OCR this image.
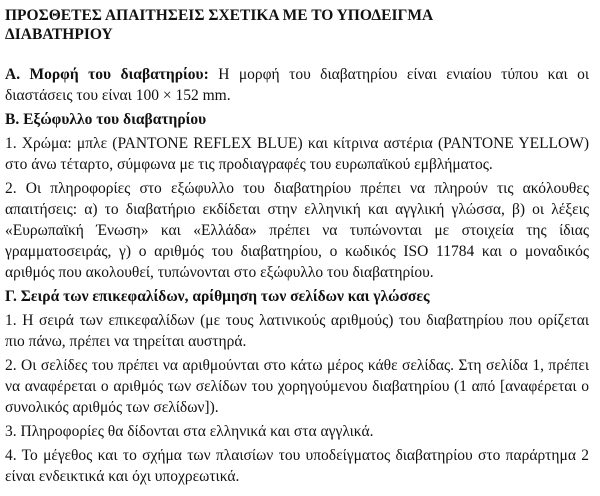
ΠΡΟΣΘΕΤΕΣ ΑΠΑΙΤΗΣΕΙΣ ΣΧΕΤΙΚΑ ΜΕ ΤΟ ΥΠΟΔΕΙΓΜΑ
ΔΙΑΒΑΤΗΡΙΟΥ

Α. Μορφή του διαβατηρίου: Η μορφή του διαβατηρίου είναι ενιαίου τύπου και οι διαστάσεις του είναι 100 × 152 mm.

Β. Εξώφυλλο του διαβατηρίου

1. Χρώμα: μπλε (PANTONE REFLEX BLUE) και κίτρινα αστέρια (PANTONE YELLOW) στο άνω τέταρτο, σύμφωνα με τις προδιαγραφές του ευρωπαϊκού εμβλήματος.

2. Οι πληροφορίες στο εξώφυλλο του διαβατηρίου πρέπει να πληρούν τις ακόλουθες απαιτήσεις: α) το διαβατήριο εκδίδεται στην ελληνική και αγγλική γλώσσα, β) οι λέξεις «Ευρωπαϊκή Ένωση» και «Ελλάδα» πρέπει να τυπώνονται με στοιχεία της ίδιας γραμματοσειράς, γ) ο αριθμός του διαβατηρίου, ο κωδικός ISO 11784 και ο μοναδικός αριθμός που ακολουθεί, τυπώνονται στο εξώφυλλο του διαβατηρίου.

Γ. Σειρά των επικεφαλίδων, αρίθμηση των σελίδων και γλώσσες

1. Η σειρά των επικεφαλίδων (με τους λατινικούς αριθμούς) του διαβατηρίου που ορίζεται πιο πάνω, πρέπει να τηρείται αυστηρά.

2. Οι σελίδες του πρέπει να αριθμούνται στο κάτω μέρος κάθε σελίδας. Στη σελίδα 1, πρέπει να αναφέρεται ο αριθμός των σελίδων του χορηγούμενου διαβατηρίου (1 από [αναφέρεται ο συνολικός αριθμός των σελίδων]).

3. Πληροφορίες θα δίδονται στα ελληνικά και στα αγγλικά.

4. Το μέγεθος και το σχήμα των πλαισίων του υποδείγματος διαβατηρίου στο παράρτημα 2 είναι ενδεικτικά και όχι υποχρεωτικά.
